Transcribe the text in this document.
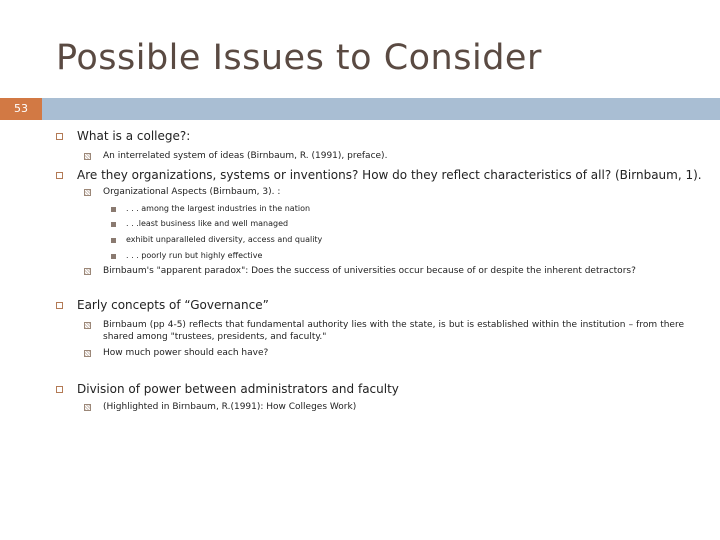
Possible Issues to Consider
53
What is a college?:
An interrelated system of ideas (Birnbaum, R. (1991), preface).
Are they organizations, systems or inventions? How do they reflect characteristics of all? (Birnbaum, 1).
Organizational Aspects (Birnbaum, 3). :
. . . among the largest industries in the nation
. . .least business like and well managed
exhibit unparalleled diversity, access and quality
. . . poorly run but highly effective
Birnbaum's "apparent paradox": Does the success of universities occur because of or despite the inherent detractors?
Early concepts of “Governance”
Birnbaum (pp 4-5) reflects that fundamental authority lies with the state, is but is established within the institution – from there shared among "trustees, presidents, and faculty."
How much power should each have?
Division of power between administrators and faculty
(Highlighted in Birnbaum, R.(1991): How Colleges Work)
